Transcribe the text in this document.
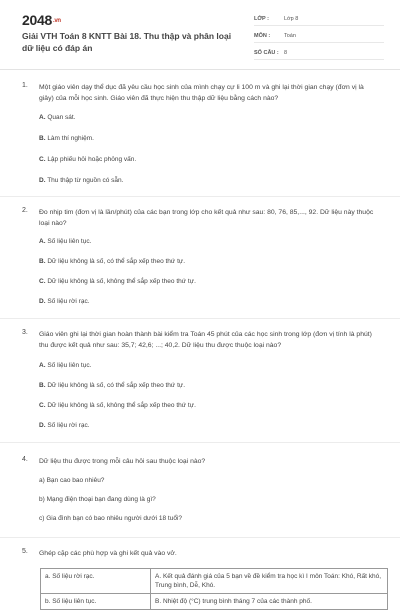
2048.vn
Giải VTH Toán 8 KNTT Bài 18. Thu thập và phân loại dữ liệu có đáp án
LỚP :	Lớp 8
MÔN :	Toán
SỐ CÂU : 8
1. Một giáo viên dạy thể dục đã yêu cầu học sinh của mình chạy cự li 100 m và ghi lại thời gian chạy (đơn vị là giây) của mỗi học sinh. Giáo viên đã thực hiện thu thập dữ liệu bằng cách nào?
A. Quan sát.
B. Làm thí nghiệm.
C. Lập phiếu hỏi hoặc phỏng vấn.
D. Thu thập từ nguồn có sẵn.
2. Đo nhịp tim (đơn vị là lần/phút) của các bạn trong lớp cho kết quả như sau: 80, 76, 85,..., 92. Dữ liệu này thuộc loại nào?
A. Số liệu liên tục.
B. Dữ liệu không là số, có thể sắp xếp theo thứ tự.
C. Dữ liệu không là số, không thể sắp xếp theo thứ tự.
D. Số liệu rời rạc.
3. Giáo viên ghi lại thời gian hoàn thành bài kiểm tra Toán 45 phút của các học sinh trong lớp (đơn vị tính là phút) thu được kết quả như sau: 35,7; 42,6; ...; 40,2. Dữ liệu thu được thuộc loại nào?
A. Số liệu liên tục.
B. Dữ liệu không là số, có thể sắp xếp theo thứ tự.
C. Dữ liệu không là số, không thể sắp xếp theo thứ tự.
D. Số liệu rời rạc.
4. Dữ liệu thu được trong mỗi câu hỏi sau thuộc loại nào?
a) Bạn cao bao nhiêu?
b) Mạng điện thoại bạn đang dùng là gì?
c) Gia đình bạn có bao nhiêu người dưới 18 tuổi?
5. Ghép cặp các phù hợp và ghi kết quả vào vở.
a. Số liệu rời rạc.	A. Kết quả đánh giá của 5 bạn về đề kiểm tra học kì I môn Toán: Khó, Rất khó, Trung bình, Dễ, Khó.
b. Số liệu liên tục.	B. Nhiệt độ (°C) trung bình tháng 7 của các thành phố.
